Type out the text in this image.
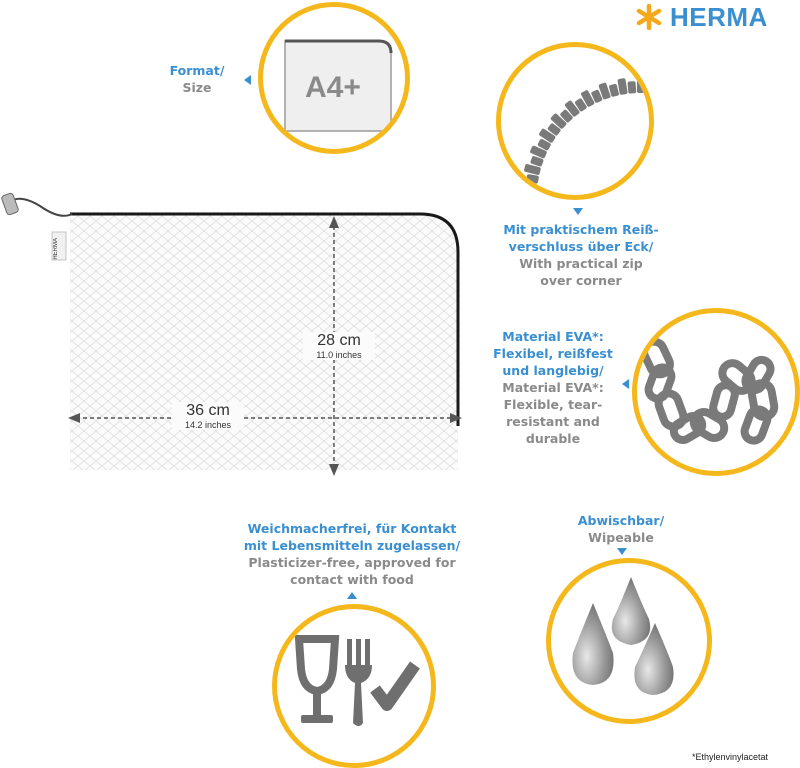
HERMA
Format/
Size	A4+
Mit praktischem Reiß-
verschluss über Eck/
With practical zip
over corner
Material EVA*:
Flexibel, reißfest
und langlebig/
Material EVA*:
Flexible, tear-
resistant and
durable
HERMA
28 cm
11.0 inches
36 cm
14.2 inches
Weichmacherfrei, für Kontakt
mit Lebensmitteln zugelassen/
Plasticizer-free, approved for
contact with food
Abwischbar/
Wipeable
*Ethylenvinylacetat
